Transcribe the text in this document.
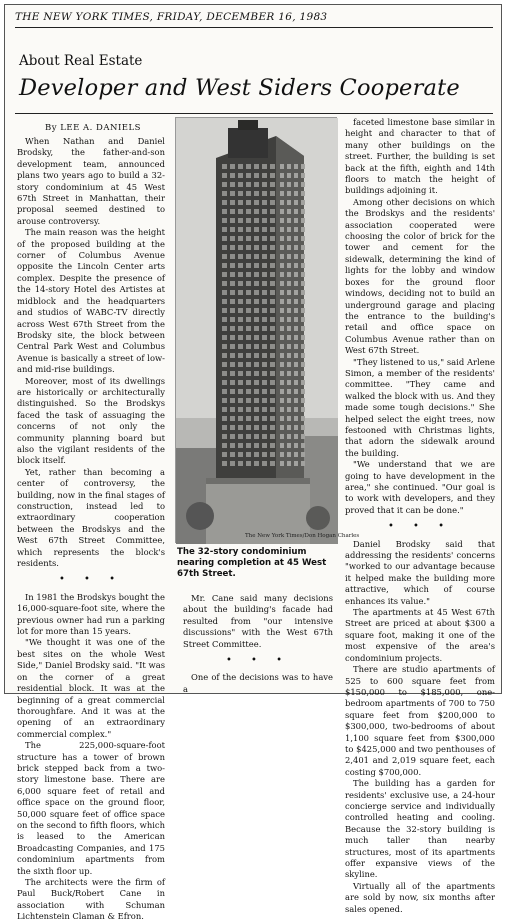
THE NEW YORK TIMES, FRIDAY, DECEMBER 16, 1983
About Real Estate
Developer and West Siders Cooperate
By LEE A. DANIELS

When Nathan and Daniel Brodsky, the father-and-son development team, announced plans two years ago to build a 32-story condominium at 45 West 67th Street in Manhattan, their proposal seemed destined to arouse controversy.

The main reason was the height of the proposed building at the corner of Columbus Avenue opposite the Lincoln Center arts complex. Despite the presence of the 14-story Hotel des Artistes at midblock and the headquarters and studios of WABC-TV directly across West 67th Street from the Brodsky site, the block between Central Park West and Columbus Avenue is basically a street of low- and mid-rise buildings.

Moreover, most of its dwellings are historically or architecturally distinguished. So the Brodskys faced the task of assuaging the concerns of not only the community planning board but also the vigilant residents of the block itself.

Yet, rather than becoming a center of controversy, the building, now in the final stages of construction, instead led to extraordinary cooperation between the Brodskys and the West 67th Street Committee, which represents the block's residents.

• • •

In 1981 the Brodskys bought the 16,000-square-foot site, where the previous owner had run a parking lot for more than 15 years.

"We thought it was one of the best sites on the whole West Side," Daniel Brodsky said. "It was on the corner of a great residential block. It was at the beginning of a great commercial thoroughfare. And it was at the opening of an extraordinary commercial complex."

The 225,000-square-foot structure has a tower of brown brick stepped back from a two-story limestone base. There are 6,000 square feet of retail and office space on the ground floor, 50,000 square feet of office space on the second to fifth floors, which is leased to the American Broadcasting Companies, and 175 condominium apartments from the sixth floor up.

The architects were the firm of Paul Buck/Robert Cane in association with Schuman Lichtenstein Claman & Efron.

The New York Times/Don Hogan Charles
The 32-story condominium nearing completion at 45 West 67th Street.

Mr. Cane said many decisions about the building's facade had resulted from "our intensive discussions" with the West 67th Street Committee.

• • •

One of the decisions was to have a

faceted limestone base similar in height and character to that of many other buildings on the street. Further, the building is set back at the fifth, eighth and 14th floors to match the height of buildings adjoining it.

Among other decisions on which the Brodskys and the residents' association cooperated were choosing the color of brick for the tower and cement for the sidewalk, determining the kind of lights for the lobby and window boxes for the ground floor windows, deciding not to build an underground garage and placing the entrance to the building's retail and office space on Columbus Avenue rather than on West 67th Street.

"They listened to us," said Arlene Simon, a member of the residents' committee. "They came and walked the block with us. And they made some tough decisions." She helped select the eight trees, now festooned with Christmas lights, that adorn the sidewalk around the building.

"We understand that we are going to have development in the area," she continued. "Our goal is to work with developers, and they proved that it can be done."

• • •

Daniel Brodsky said that addressing the residents' concerns "worked to our advantage because it helped make the building more attractive, which of course enhances its value."

The apartments at 45 West 67th Street are priced at about $300 a square foot, making it one of the most expensive of the area's condominium projects.

There are studio apartments of 525 to 600 square feet from $150,000 to $185,000, one-bedroom apartments of 700 to 750 square feet from $200,000 to $300,000, two-bedrooms of about 1,100 square feet from $300,000 to $425,000 and two penthouses of 2,401 and 2,019 square feet, each costing $700,000.

The building has a garden for residents' exclusive use, a 24-hour concierge service and individually controlled heating and cooling. Because the 32-story building is much taller than nearby structures, most of its apartments offer expansive views of the skyline.

Virtually all of the apartments are sold by now, six months after sales opened.
